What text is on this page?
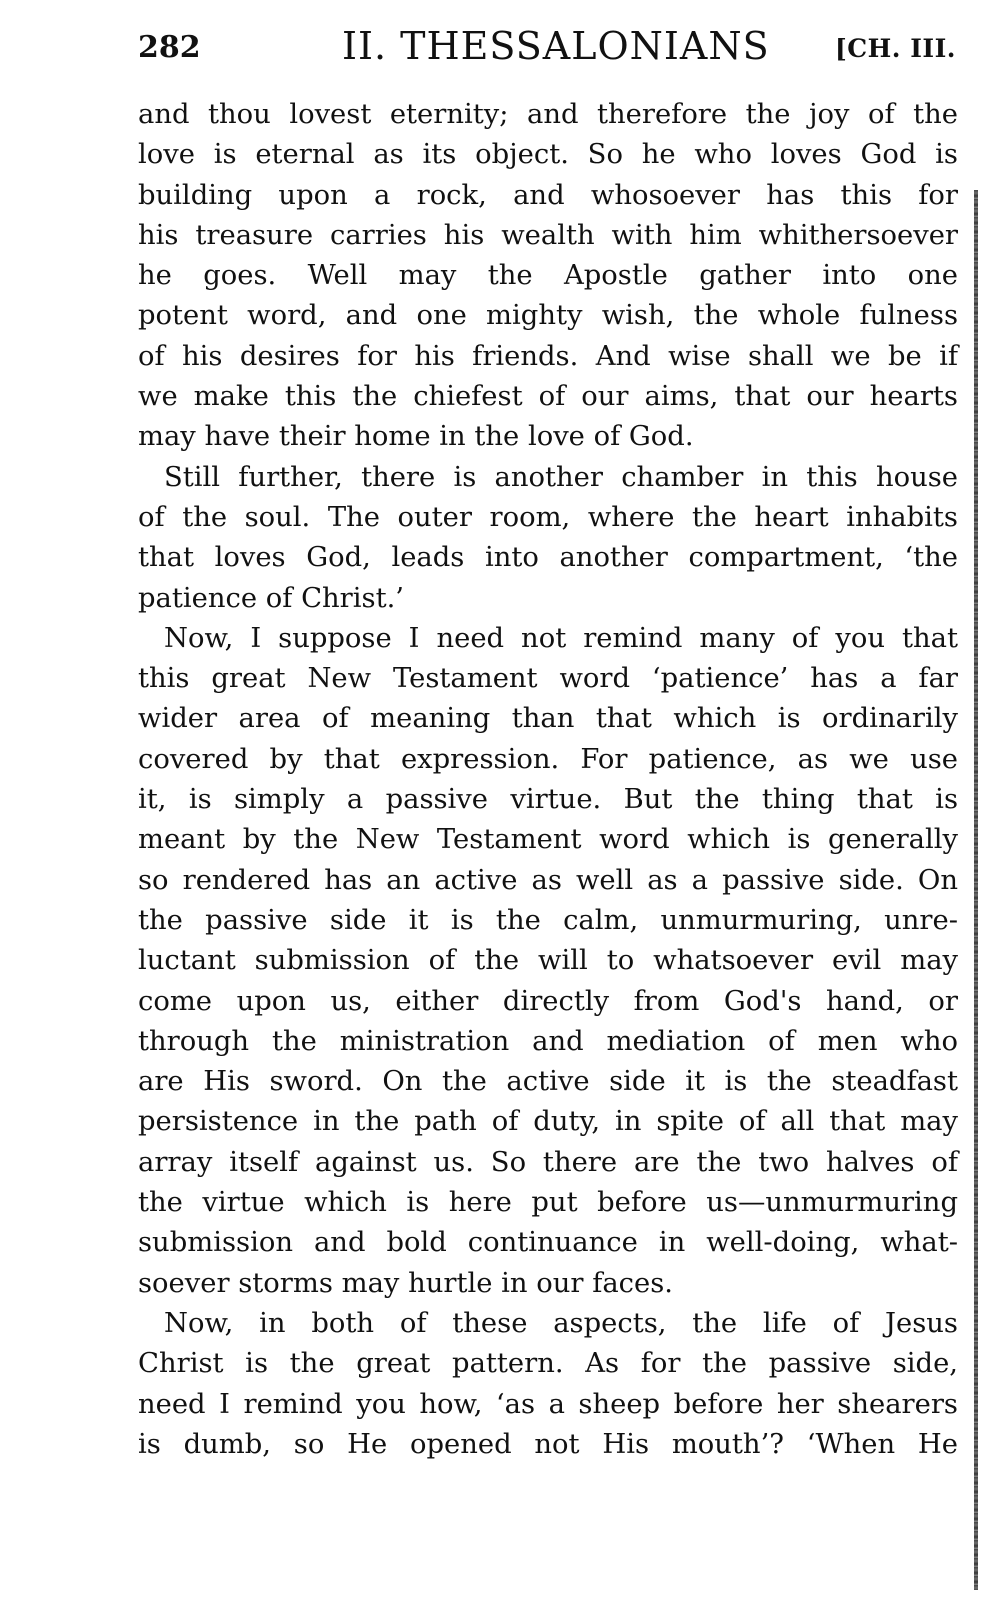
282	II. THESSALONIANS	[CH. III.
and thou lovest eternity; and therefore the joy of the
love is eternal as its object. So he who loves God is
building upon a rock, and whosoever has this for
his treasure carries his wealth with him whithersoever
he goes. Well may the Apostle gather into one
potent word, and one mighty wish, the whole fulness
of his desires for his friends. And wise shall we be if
we make this the chiefest of our aims, that our hearts
may have their home in the love of God.
Still further, there is another chamber in this house
of the soul. The outer room, where the heart inhabits
that loves God, leads into another compartment, ‘the
patience of Christ.’
Now, I suppose I need not remind many of you that
this great New Testament word ‘patience’ has a far
wider area of meaning than that which is ordinarily
covered by that expression. For patience, as we use
it, is simply a passive virtue. But the thing that is
meant by the New Testament word which is generally
so rendered has an active as well as a passive side. On
the passive side it is the calm, unmurmuring, unre-
luctant submission of the will to whatsoever evil may
come upon us, either directly from God's hand, or
through the ministration and mediation of men who
are His sword. On the active side it is the steadfast
persistence in the path of duty, in spite of all that may
array itself against us. So there are the two halves of
the virtue which is here put before us—unmurmuring
submission and bold continuance in well-doing, what-
soever storms may hurtle in our faces.
Now, in both of these aspects, the life of Jesus
Christ is the great pattern. As for the passive side,
need I remind you how, ‘as a sheep before her shearers
is dumb, so He opened not His mouth’? ‘When He
